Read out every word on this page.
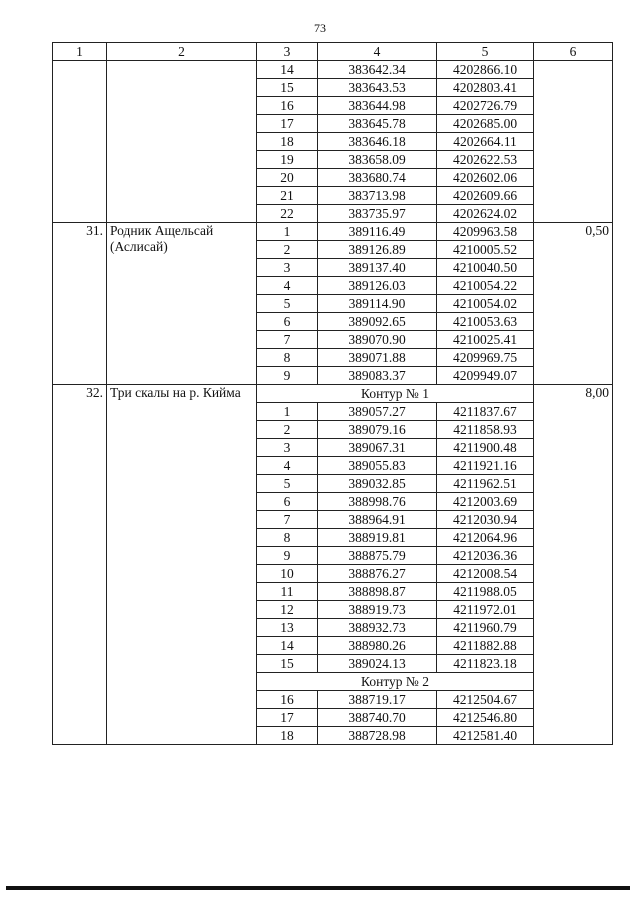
73
1	2	3	4	5	6
		14	383642.34	4202866.10	
		15	383643.53	4202803.41	
		16	383644.98	4202726.79	
		17	383645.78	4202685.00	
		18	383646.18	4202664.11	
		19	383658.09	4202622.53	
		20	383680.74	4202602.06	
		21	383713.98	4202609.66	
		22	383735.97	4202624.02	
31.	Родник Ащельсай (Аслисай)	1	389116.49	4209963.58	0,50
		2	389126.89	4210005.52	
		3	389137.40	4210040.50	
		4	389126.03	4210054.22	
		5	389114.90	4210054.02	
		6	389092.65	4210053.63	
		7	389070.90	4210025.41	
		8	389071.88	4209969.75	
		9	389083.37	4209949.07	
32.	Три скалы на р. Кийма	Контур № 1			8,00
		1	389057.27	4211837.67	
		2	389079.16	4211858.93	
		3	389067.31	4211900.48	
		4	389055.83	4211921.16	
		5	389032.85	4211962.51	
		6	388998.76	4212003.69	
		7	388964.91	4212030.94	
		8	388919.81	4212064.96	
		9	388875.79	4212036.36	
		10	388876.27	4212008.54	
		11	388898.87	4211988.05	
		12	388919.73	4211972.01	
		13	388932.73	4211960.79	
		14	388980.26	4211882.88	
		15	389024.13	4211823.18	
		Контур № 2			
		16	388719.17	4212504.67	
		17	388740.70	4212546.80	
		18	388728.98	4212581.40	
